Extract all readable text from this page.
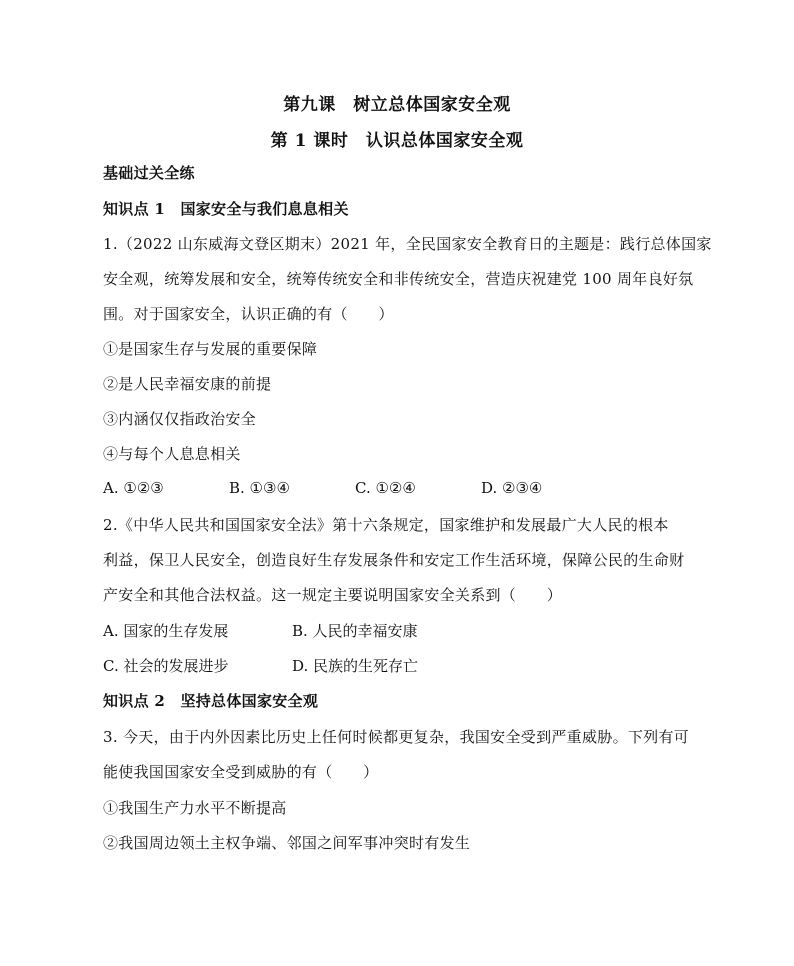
第九课　树立总体国家安全观
第 1 课时　认识总体国家安全观
基础过关全练
知识点 1　国家安全与我们息息相关
1.（2022 山东威海文登区期末）2021 年，全民国家安全教育日的主题是：践行总体国家
安全观，统筹发展和安全，统筹传统安全和非传统安全，营造庆祝建党 100 周年良好氛
围。对于国家安全，认识正确的有（　　）
①是国家生存与发展的重要保障
②是人民幸福安康的前提
③内涵仅仅指政治安全
④与每个人息息相关
A. ①②③	B. ①③④	C. ①②④	D. ②③④
2.《中华人民共和国国家安全法》第十六条规定，国家维护和发展最广大人民的根本
利益，保卫人民安全，创造良好生存发展条件和安定工作生活环境，保障公民的生命财
产安全和其他合法权益。这一规定主要说明国家安全关系到（　　）
A. 国家的生存发展	B. 人民的幸福安康
C. 社会的发展进步	D. 民族的生死存亡
知识点 2　坚持总体国家安全观
3. 今天，由于内外因素比历史上任何时候都更复杂，我国安全受到严重威胁。下列有可
能使我国国家安全受到威胁的有（　　）
①我国生产力水平不断提高
②我国周边领土主权争端、邻国之间军事冲突时有发生
